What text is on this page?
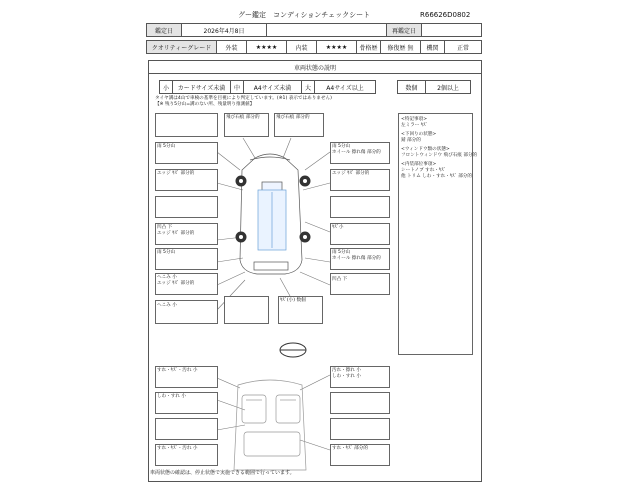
グー鑑定　コンディションチェックシート	R66626D0802
鑑定日	2026年4月8日	再鑑定日
クオリティーグレード	外装	★★★★	内装	★★★★	骨格歴	修復歴 無	機関	正常
車両状態の説明
小	カードサイズ未満	中	A4サイズ未満	大	A4サイズ以上	数個	2個以上
タイヤ溝は4山で車検の基準を目視により判定しています。(※1) 表示ではありません)
【※ 残り5分山=溝のない所、残量明り推測値】
<特記事項>
左ミラー ｷｽﾞ
<下回りの状態>
錆 部分的
<ウィンドウ類の状態>
フロントウィンドウ 飛び石痕 部分的
<内装部位事項>
シートノブ すれ・ｷｽﾞ
他 トリム しわ・すれ・ｷｽﾞ 部分的
飛び石痕 部分的	飛び石痕 部分的
雨 5分山	雨 5分山
ホイール 擦れ傷 部分的
エッジ ｷｽﾞ 部分的	エッジ ｷｽﾞ 部分的
ｷｽﾞ小
凹凸 下
エッジ ｷｽﾞ 部分的
雨 5分山	雨 5分山
ホイール 擦れ傷 部分的
へこみ 小
エッジ ｷｽﾞ 部分的
凹凸 下
へこみ 小
ｷｽﾞ(小) 数個
すれ・ｷｽﾞ・汚れ 小	汚れ・擦れ 小
しわ・すれ 小
しわ・すれ 小
すれ・ｷｽﾞ・汚れ 小	すれ・ｷｽﾞ 部分的
車両状態の確認は、停止状態で実施できる範囲で行っています。
